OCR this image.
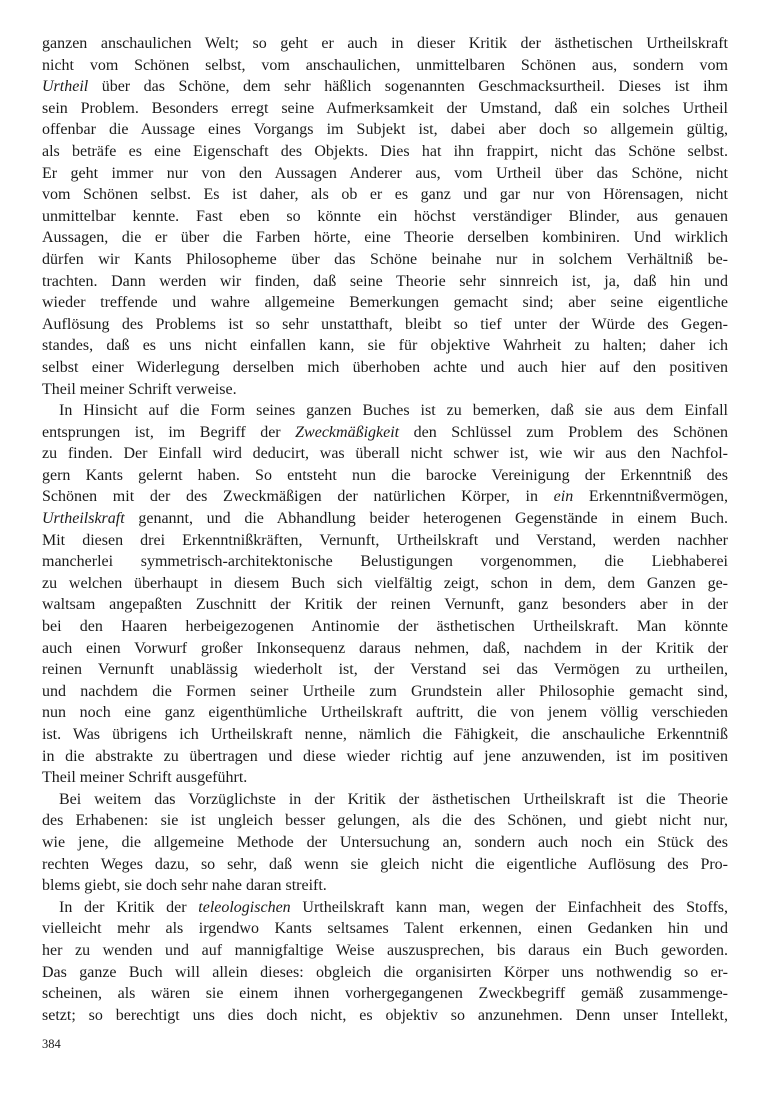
ganzen anschaulichen Welt; so geht er auch in dieser Kritik der ästhetischen Urtheilskraft
nicht vom Schönen selbst, vom anschaulichen, unmittelbaren Schönen aus, sondern vom
Urtheil über das Schöne, dem sehr häßlich sogenannten Geschmacksurtheil. Dieses ist ihm
sein Problem. Besonders erregt seine Aufmerksamkeit der Umstand, daß ein solches Urtheil
offenbar die Aussage eines Vorgangs im Subjekt ist, dabei aber doch so allgemein gültig,
als beträfe es eine Eigenschaft des Objekts. Dies hat ihn frappirt, nicht das Schöne selbst.
Er geht immer nur von den Aussagen Anderer aus, vom Urtheil über das Schöne, nicht
vom Schönen selbst. Es ist daher, als ob er es ganz und gar nur von Hörensagen, nicht
unmittelbar kennte. Fast eben so könnte ein höchst verständiger Blinder, aus genauen
Aussagen, die er über die Farben hörte, eine Theorie derselben kombiniren. Und wirklich
dürfen wir Kants Philosopheme über das Schöne beinahe nur in solchem Verhältniß be-
trachten. Dann werden wir finden, daß seine Theorie sehr sinnreich ist, ja, daß hin und
wieder treffende und wahre allgemeine Bemerkungen gemacht sind; aber seine eigentliche
Auflösung des Problems ist so sehr unstatthaft, bleibt so tief unter der Würde des Gegen-
standes, daß es uns nicht einfallen kann, sie für objektive Wahrheit zu halten; daher ich
selbst einer Widerlegung derselben mich überhoben achte und auch hier auf den positiven
Theil meiner Schrift verweise.
In Hinsicht auf die Form seines ganzen Buches ist zu bemerken, daß sie aus dem Einfall
entsprungen ist, im Begriff der Zweckmäßigkeit den Schlüssel zum Problem des Schönen
zu finden. Der Einfall wird deducirt, was überall nicht schwer ist, wie wir aus den Nachfol-
gern Kants gelernt haben. So entsteht nun die barocke Vereinigung der Erkenntniß des
Schönen mit der des Zweckmäßigen der natürlichen Körper, in ein Erkenntnißvermögen,
Urtheilskraft genannt, und die Abhandlung beider heterogenen Gegenstände in einem Buch.
Mit diesen drei Erkenntnißkräften, Vernunft, Urtheilskraft und Verstand, werden nachher
mancherlei symmetrisch-architektonische Belustigungen vorgenommen, die Liebhaberei
zu welchen überhaupt in diesem Buch sich vielfältig zeigt, schon in dem, dem Ganzen ge-
waltsam angepaßten Zuschnitt der Kritik der reinen Vernunft, ganz besonders aber in der
bei den Haaren herbeigezogenen Antinomie der ästhetischen Urtheilskraft. Man könnte
auch einen Vorwurf großer Inkonsequenz daraus nehmen, daß, nachdem in der Kritik der
reinen Vernunft unablässig wiederholt ist, der Verstand sei das Vermögen zu urtheilen,
und nachdem die Formen seiner Urtheile zum Grundstein aller Philosophie gemacht sind,
nun noch eine ganz eigenthümliche Urtheilskraft auftritt, die von jenem völlig verschieden
ist. Was übrigens ich Urtheilskraft nenne, nämlich die Fähigkeit, die anschauliche Erkenntniß
in die abstrakte zu übertragen und diese wieder richtig auf jene anzuwenden, ist im positiven
Theil meiner Schrift ausgeführt.
Bei weitem das Vorzüglichste in der Kritik der ästhetischen Urtheilskraft ist die Theorie
des Erhabenen: sie ist ungleich besser gelungen, als die des Schönen, und giebt nicht nur,
wie jene, die allgemeine Methode der Untersuchung an, sondern auch noch ein Stück des
rechten Weges dazu, so sehr, daß wenn sie gleich nicht die eigentliche Auflösung des Pro-
blems giebt, sie doch sehr nahe daran streift.
In der Kritik der teleologischen Urtheilskraft kann man, wegen der Einfachheit des Stoffs,
vielleicht mehr als irgendwo Kants seltsames Talent erkennen, einen Gedanken hin und
her zu wenden und auf mannigfaltige Weise auszusprechen, bis daraus ein Buch geworden.
Das ganze Buch will allein dieses: obgleich die organisirten Körper uns nothwendig so er-
scheinen, als wären sie einem ihnen vorhergegangenen Zweckbegriff gemäß zusammenge-
setzt; so berechtigt uns dies doch nicht, es objektiv so anzunehmen. Denn unser Intellekt,
384
